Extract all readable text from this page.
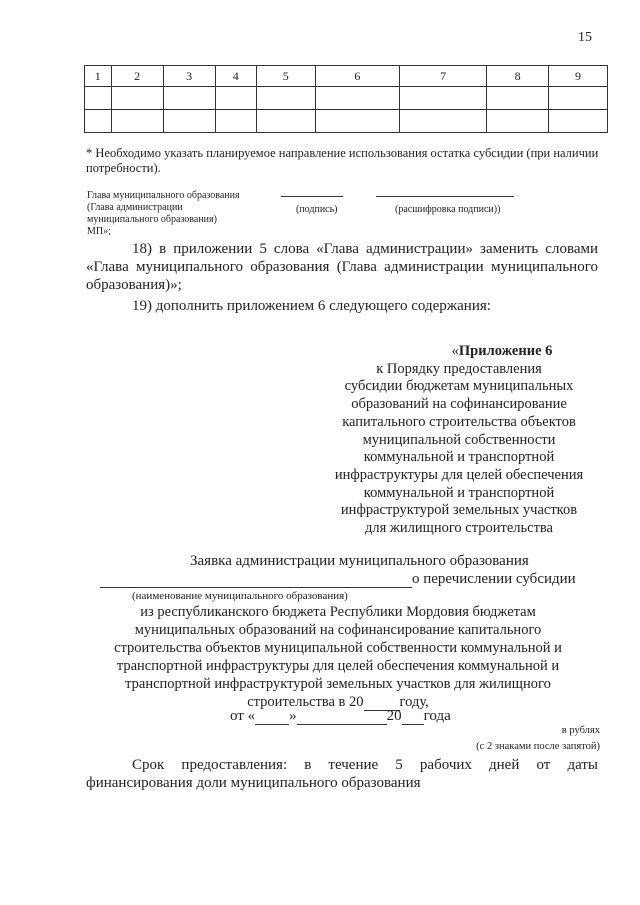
15
1	2	3	4	5	6	7	8	9

* Необходимо указать планируемое направление использования остатка субсидии (при наличии потребности).
Глава муниципального образования
(Глава администрации
муниципального образования)
МП»;
(подпись)	(расшифровка подписи))
18) в приложении 5 слова «Глава администрации» заменить словами «Глава муниципального образования (Глава администрации муниципального образования)»;
19) дополнить приложением 6 следующего содержания:
«Приложение 6
к Порядку предоставления
субсидии бюджетам муниципальных
образований на софинансирование
капитального строительства объектов
муниципальной собственности
коммунальной и транспортной
инфраструктуры для целей обеспечения
коммунальной и транспортной
инфраструктурой земельных участков
для жилищного строительства
Заявка администрации муниципального образования
о перечислении субсидии
(наименование муниципального образования)
из республиканского бюджета Республики Мордовия бюджетам
муниципальных образований на софинансирование капитального
строительства объектов муниципальной собственности коммунальной и
транспортной инфраструктуры для целей обеспечения коммунальной и
транспортной инфраструктурой земельных участков для жилищного
строительства в 20 году,
от « »	20 года
в рублях
(с 2 знаками после запятой)
Срок предоставления: в течение 5 рабочих дней от даты
финансирования доли муниципального образования
